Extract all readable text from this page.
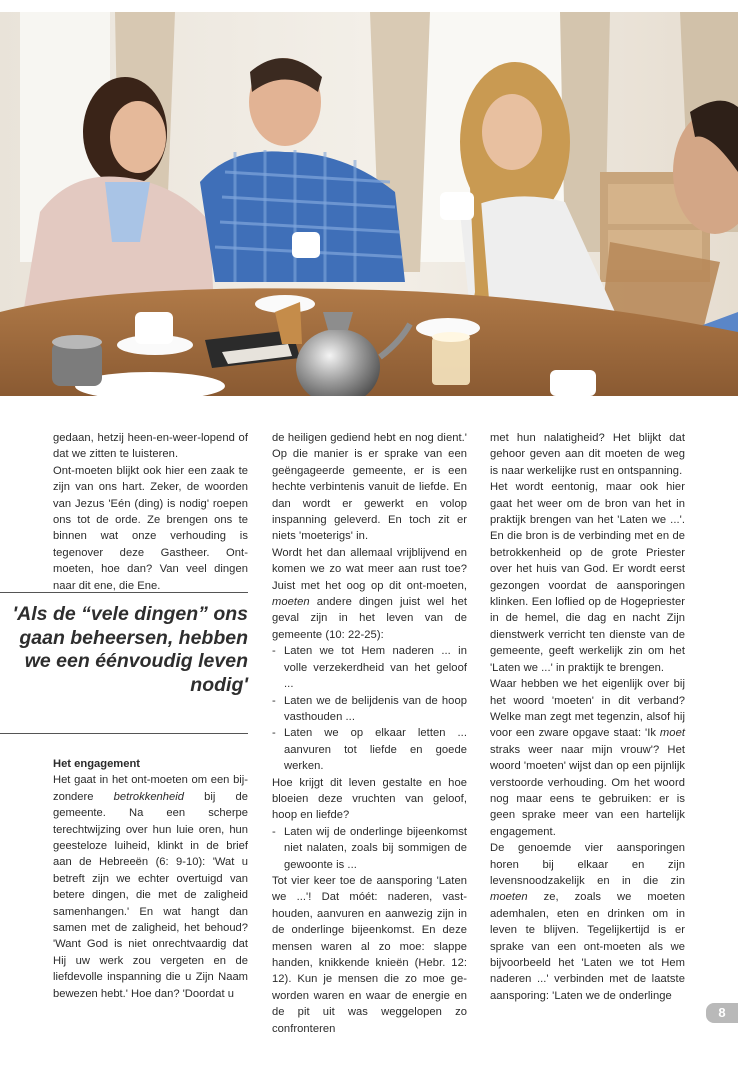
gedaan, hetzij heen-en-weer-lopend of dat we zitten te luisteren.

Ont-moeten blijkt ook hier een zaak te zijn van ons hart. Zeker, de woorden van Jezus 'Eén (ding) is nodig' roepen ons tot de orde. Ze brengen ons te binnen wat onze verhouding is tegenover deze Gastheer. Ont-moeten, hoe dan? Van veel dingen naar dit ene, die Ene.

'Als de “vele dingen” ons gaan beheersen, hebben we een éénvoudig leven nodig'

Het engagement

Het gaat in het ont-moeten om een bij-zondere betrokkenheid bij de gemeente. Na een scherpe terechtwijzing over hun luie oren, hun geesteloze luiheid, klinkt in de brief aan de Hebreeën (6: 9-10): 'Wat u betreft zijn we echter overtuigd van betere dingen, die met de zaligheid samenhangen.' En wat hangt dan samen met de zaligheid, het behoud? 'Want God is niet onrechtvaardig dat Hij uw werk zou vergeten en de liefdevolle inspanning die u Zijn Naam bewezen hebt.' Hoe dan? 'Doordat u

de heiligen gediend hebt en nog dient.' Op die manier is er sprake van een geëngageerde gemeente, er is een hechte verbintenis vanuit de liefde. En dan wordt er gewerkt en volop inspanning geleverd. En toch zit er niets 'moeterigs' in.

Wordt het dan allemaal vrijblijvend en komen we zo wat meer aan rust toe? Juist met het oog op dit ont-moeten, moeten andere dingen juist wel het geval zijn in het leven van de gemeente (10: 22-25):

- Laten we tot Hem naderen ... in volle verzekerdheid van het geloof ...
- Laten we de belijdenis van de hoop vasthouden ...
- Laten we op elkaar letten ... aanvuren tot liefde en goede werken.

Hoe krijgt dit leven gestalte en hoe bloeien deze vruchten van geloof, hoop en liefde?

- Laten wij de onderlinge bijeenkomst niet nalaten, zoals bij sommigen de gewoonte is ...

Tot vier keer toe de aansporing 'Laten we ...'! Dat móét: naderen, vast-houden, aanvuren en aanwezig zijn in de onderlinge bijeenkomst. En deze mensen waren al zo moe: slappe handen, knikkende knieën (Hebr. 12: 12). Kun je mensen die zo moe ge-worden waren en waar de energie en de pit uit was weggelopen zo confronteren

met hun nalatigheid? Het blijkt dat gehoor geven aan dit moeten de weg is naar werkelijke rust en ontspanning.

Het wordt eentonig, maar ook hier gaat het weer om de bron van het in praktijk brengen van het 'Laten we ...'. En die bron is de verbinding met en de betrokkenheid op de grote Priester over het huis van God. Er wordt eerst gezongen voordat de aansporingen klinken. Een loflied op de Hogepriester in de hemel, die dag en nacht Zijn dienstwerk verricht ten dienste van de gemeente, geeft werkelijk zin om het 'Laten we ...' in praktijk te brengen.

Waar hebben we het eigenlijk over bij het woord 'moeten' in dit verband? Welke man zegt met tegenzin, alsof hij voor een zware opgave staat: 'Ik moet straks weer naar mijn vrouw'? Het woord 'moeten' wijst dan op een pijnlijk verstoorde verhouding. Om het woord nog maar eens te gebruiken: er is geen sprake meer van een hartelijk engagement.

De genoemde vier aansporingen horen bij elkaar en zijn levensnoodzakelijk en in die zin moeten ze, zoals we moeten ademhalen, eten en drinken om in leven te blijven. Tegelijkertijd is er sprake van een ont-moeten als we bijvoorbeeld het 'Laten we tot Hem naderen ...' verbinden met de laatste aansporing: 'Laten we de onderlinge

8
